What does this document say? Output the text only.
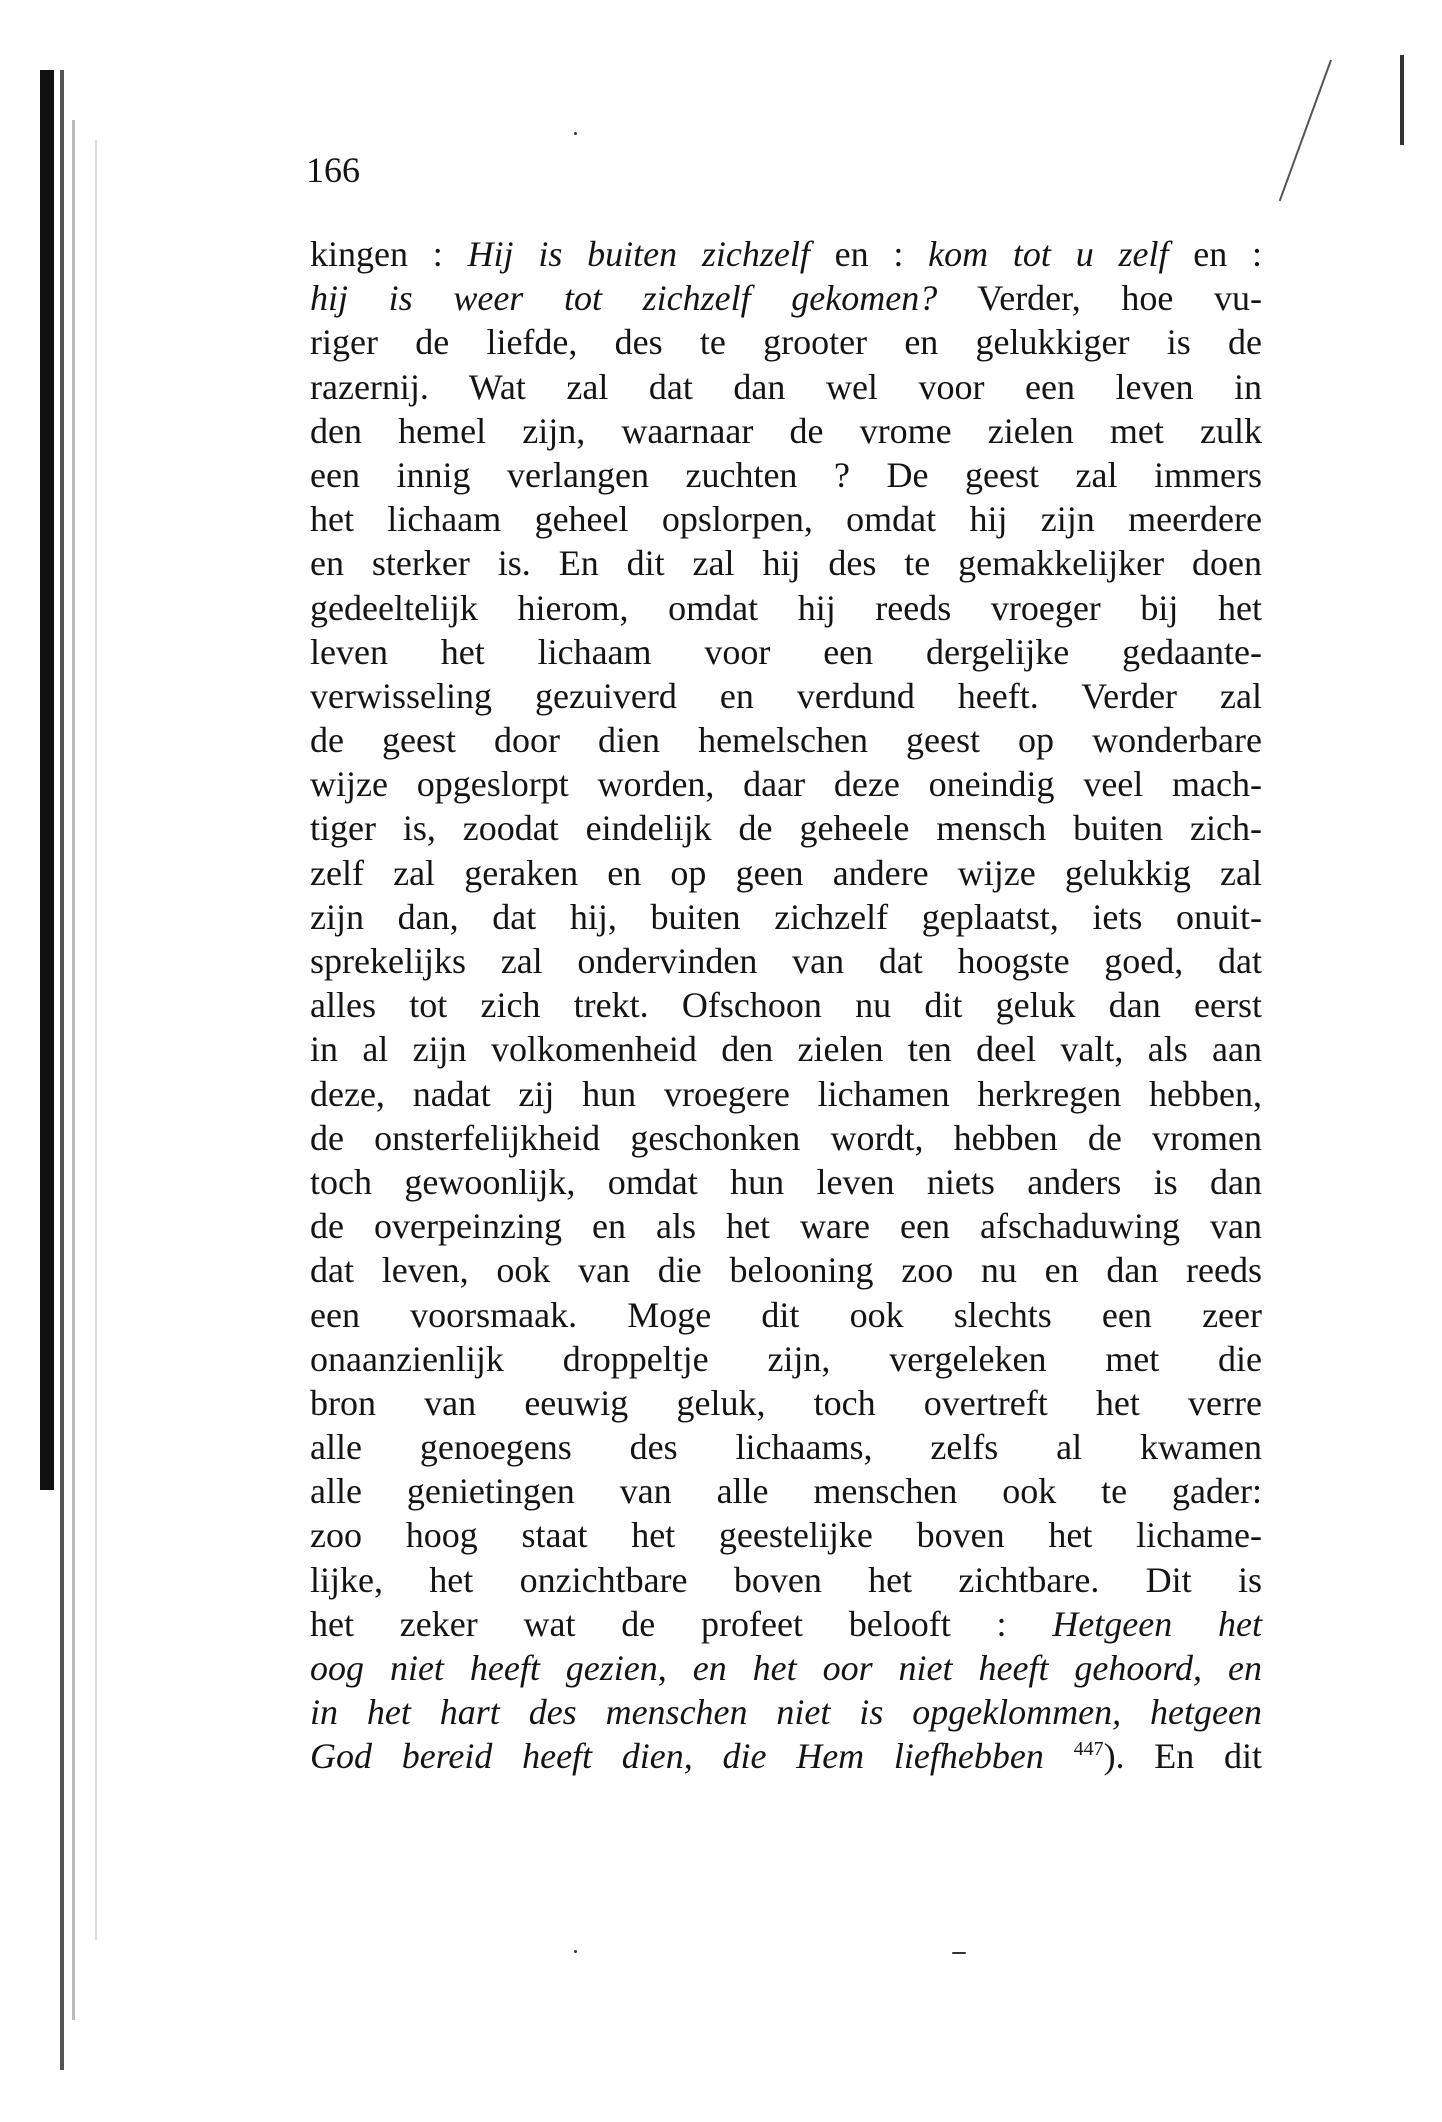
166
kingen : Hij is buiten zichzelf en : kom tot u zelf en :
hij is weer tot zichzelf gekomen? Verder, hoe vu-
riger de liefde, des te grooter en gelukkiger is de
razernij. Wat zal dat dan wel voor een leven in
den hemel zijn, waarnaar de vrome zielen met zulk
een innig verlangen zuchten ? De geest zal immers
het lichaam geheel opslorpen, omdat hij zijn meerdere
en sterker is. En dit zal hij des te gemakkelijker doen
gedeeltelijk hierom, omdat hij reeds vroeger bij het
leven het lichaam voor een dergelijke gedaante-
verwisseling gezuiverd en verdund heeft. Verder zal
de geest door dien hemelschen geest op wonderbare
wijze opgeslorpt worden, daar deze oneindig veel mach-
tiger is, zoodat eindelijk de geheele mensch buiten zich-
zelf zal geraken en op geen andere wijze gelukkig zal
zijn dan, dat hij, buiten zichzelf geplaatst, iets onuit-
sprekelijks zal ondervinden van dat hoogste goed, dat
alles tot zich trekt. Ofschoon nu dit geluk dan eerst
in al zijn volkomenheid den zielen ten deel valt, als aan
deze, nadat zij hun vroegere lichamen herkregen hebben,
de onsterfelijkheid geschonken wordt, hebben de vromen
toch gewoonlijk, omdat hun leven niets anders is dan
de overpeinzing en als het ware een afschaduwing van
dat leven, ook van die belooning zoo nu en dan reeds
een voorsmaak. Moge dit ook slechts een zeer
onaanzienlijk droppeltje zijn, vergeleken met die
bron van eeuwig geluk, toch overtreft het verre
alle genoegens des lichaams, zelfs al kwamen
alle genietingen van alle menschen ook te gader:
zoo hoog staat het geestelijke boven het lichame-
lijke, het onzichtbare boven het zichtbare. Dit is
het zeker wat de profeet belooft : Hetgeen het
oog niet heeft gezien, en het oor niet heeft gehoord, en
in het hart des menschen niet is opgeklommen, hetgeen
God bereid heeft dien, die Hem liefhebben $^{447}$). En dit
